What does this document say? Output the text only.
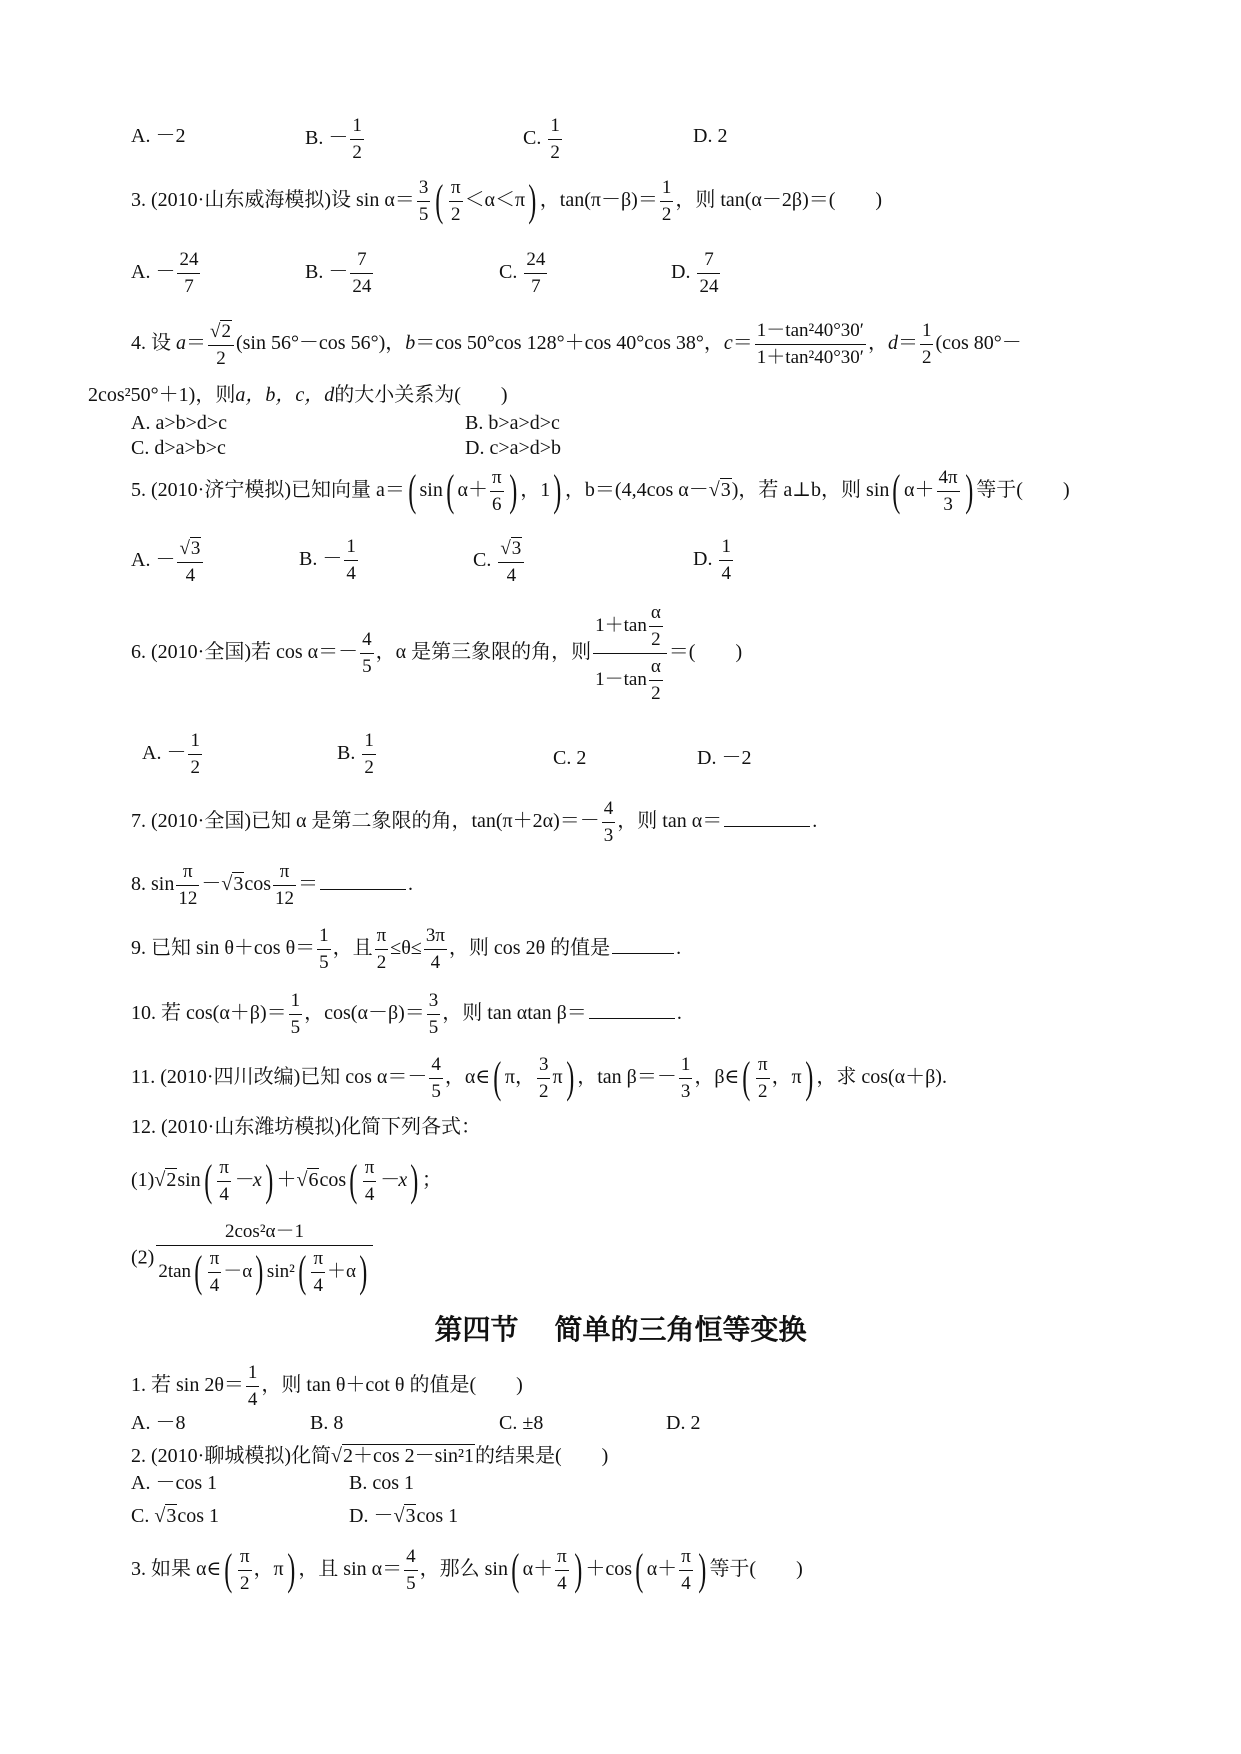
A. －2	B. － $\frac{1}{2}$	C. $\frac{1}{2}$	D. 2
3. (2010·山东威海模拟)设 $\sin \alpha= \frac{3}{5}$ ( $\frac{\pi}{2} <\alpha<\pi$) ，$\tan(\pi-\beta)= \frac{1}{2}$ ，则 tan(α－2β)＝(　　)
A. － $\frac{24}{7}$	B. － $\frac{7}{24}$	C. $\frac{24}{7}$	D. $\frac{7}{24}$
4. 设 $a= \frac{√2}{2} (\sin$ 56°－cos 56°)，b＝cos 50°cos 128°＋cos 40°cos 38°，$c= \frac{\text{1－tan²40°30′}}{\text{1＋tan²40°30′}}$ ，$d= \frac{1}{2} (\cos$ 80°－
2cos²50°＋1)，则a，b，c，d的大小关系为(　　)
A. a>b>d>c	B. b>a>d>c
C. d>a>b>c	D. c>a>d>b
5. (2010·济宁模拟)已知向量 a＝( sin( $\alpha+ \frac{\pi}{6}$ ) ，1) ，b＝(4,4cos α－√3)，若 a⊥b，则 sin( $\alpha+ \frac{4\pi}{3}$ ) 等于(　　)
A. － $\frac{√3}{4}$	B. － $\frac{1}{4}$	C. $\frac{√3}{4}$	D. $\frac{1}{4}$
6. (2010·全国)若 $\cos \alpha=- \frac{4}{5}$ ，α 是第三象限的角，则 $\frac{1+\tan \frac{\alpha}{2}}{1-\tan \frac{\alpha}{2}}$ ＝(　　)
A. － $\frac{1}{2}$	B. $\frac{1}{2}$	C. 2	D. －2
7. (2010·全国)已知 α 是第二象限的角，$\tan(\pi+2\alpha)=- \frac{4}{3}$ ，则 tan α＝	.
8. $\sin \frac{\pi}{12} -√3\cos \frac{\pi}{12}$ ＝	.
9. 已知 sin θ＋cos $\theta= \frac{1}{5}$ ，且 $\frac{\pi}{2} \le\theta\le \frac{3\pi}{4}$ ，则 cos 2θ 的值是	.
10. 若 $\cos(\alpha+\beta)= \frac{1}{5}$ ，$\cos(\alpha-\beta)= \frac{3}{5}$ ，则 tan αtan β＝	.
11. (2010·四川改编)已知 $\cos \alpha=- \frac{4}{5}$ ，α∈( π， $\frac{3}{2} \pi$) ，$\tan \beta=- \frac{1}{3}$ ，β∈( $\frac{\pi}{2}$ ，π) ，求 cos(α＋β).
12. (2010·山东潍坊模拟)化简下列各式：
$(1)√2\sin( \frac{\pi}{4} -x) +√6\cos( \frac{\pi}{4} -x)$ ；
$(2) \frac{\text{2cos²α－1}}{2\tan( \frac{\pi}{4} -\alpha) \sin^2( \frac{\pi}{4} +\alpha)}$
第四节 简单的三角恒等变换
1. 若 $\sin 2\theta= \frac{1}{4}$ ，则 tan θ＋cot θ 的值是(　　)
A. －8	B. 8	C. ±8	D. 2
2. (2010·聊城模拟)化简√2＋cos 2－sin²1的结果是(　　)
A. －cos 1	B. cos 1
C. √3cos 1	D. －√3cos 1
3. 如果 α∈( $\frac{\pi}{2}$ ，π) ，且 $\sin \alpha= \frac{4}{5}$ ，那么 sin( $\alpha+ \frac{\pi}{4}$ ) ＋cos( $\alpha+ \frac{\pi}{4}$ ) 等于(　　)
